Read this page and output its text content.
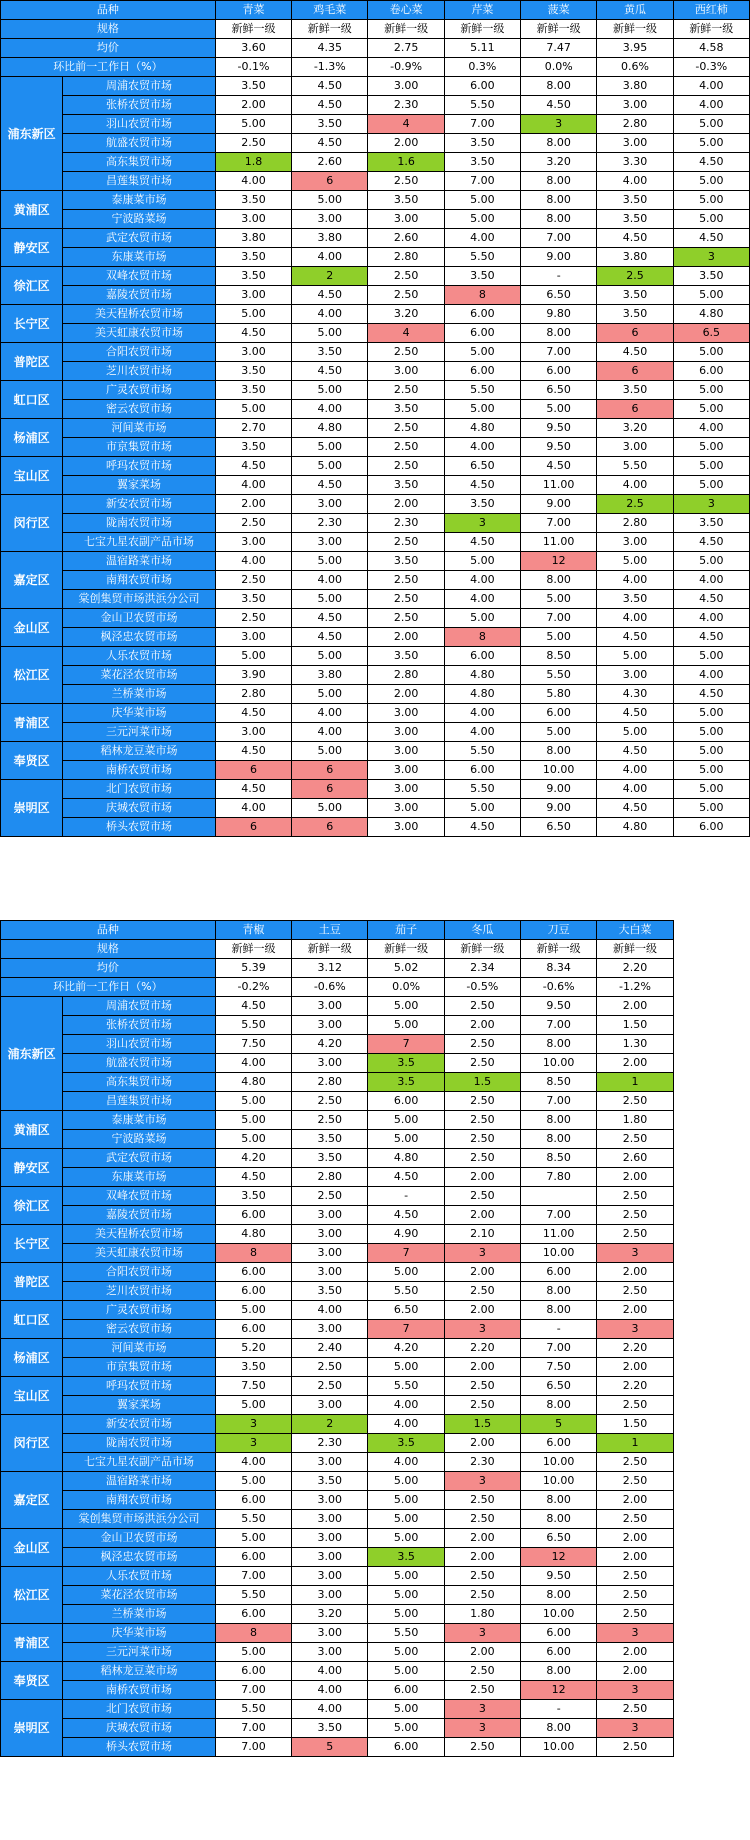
品种		青菜	鸡毛菜	卷心菜	芹菜	菠菜	黄瓜	西红柿
规格		新鲜一级	新鲜一级	新鲜一级	新鲜一级	新鲜一级	新鲜一级	新鲜一级
均价		3.60	4.35	2.75	5.11	7.47	3.95	4.58
环比前一工作日（%）		-0.1%	-1.3%	-0.9%	0.3%	0.0%	0.6%	-0.3%
浦东新区	周浦农贸市场	3.50	4.50	3.00	6.00	8.00	3.80	4.00
	张桥农贸市场	2.00	4.50	2.30	5.50	4.50	3.00	4.00
	羽山农贸市场	5.00	3.50	4	7.00	3	2.80	5.00
	航盛农贸市场	2.50	4.50	2.00	3.50	8.00	3.00	5.00
	高东集贸市场	1.8	2.60	1.6	3.50	3.20	3.30	4.50
	昌莲集贸市场	4.00	6	2.50	7.00	8.00	4.00	5.00
黄浦区	泰康菜市场	3.50	5.00	3.50	5.00	8.00	3.50	5.00
	宁波路菜场	3.00	3.00	3.00	5.00	8.00	3.50	5.00
静安区	武定农贸市场	3.80	3.80	2.60	4.00	7.00	4.50	4.50
	东康菜市场	3.50	4.00	2.80	5.50	9.00	3.80	3
徐汇区	双峰农贸市场	3.50	2	2.50	3.50	-	2.5	3.50
	嘉陵农贸市场	3.00	4.50	2.50	8	6.50	3.50	5.00
长宁区	美天程桥农贸市场	5.00	4.00	3.20	6.00	9.80	3.50	4.80
	美天虹康农贸市场	4.50	5.00	4	6.00	8.00	6	6.5
普陀区	合阳农贸市场	3.00	3.50	2.50	5.00	7.00	4.50	5.00
	芝川农贸市场	3.50	4.50	3.00	6.00	6.00	6	6.00
虹口区	广灵农贸市场	3.50	5.00	2.50	5.50	6.50	3.50	5.00
	密云农贸市场	5.00	4.00	3.50	5.00	5.00	6	5.00
杨浦区	河间菜市场	2.70	4.80	2.50	4.80	9.50	3.20	4.00
	市京集贸市场	3.50	5.00	2.50	4.00	9.50	3.00	5.00
宝山区	呼玛农贸市场	4.50	5.00	2.50	6.50	4.50	5.50	5.00
	翼家菜场	4.00	4.50	3.50	4.50	11.00	4.00	5.00
闵行区	新安农贸市场	2.00	3.00	2.00	3.50	9.00	2.5	3
	陇南农贸市场	2.50	2.30	2.30	3	7.00	2.80	3.50
	七宝九星农副产品市场	3.00	3.00	2.50	4.50	11.00	3.00	4.50
嘉定区	温宿路菜市场	4.00	5.00	3.50	5.00	12	5.00	5.00
	南翔农贸市场	2.50	4.00	2.50	4.00	8.00	4.00	4.00
	棠创集贸市场洪浜分公司	3.50	5.00	2.50	4.00	5.00	3.50	4.50
金山区	金山卫农贸市场	2.50	4.50	2.50	5.00	7.00	4.00	4.00
	枫泾忠农贸市场	3.00	4.50	2.00	8	5.00	4.50	4.50
松江区	人乐农贸市场	5.00	5.00	3.50	6.00	8.50	5.00	5.00
	菜花泾农贸市场	3.90	3.80	2.80	4.80	5.50	3.00	4.00
	兰桥菜市场	2.80	5.00	2.00	4.80	5.80	4.30	4.50
青浦区	庆华菜市场	4.50	4.00	3.00	4.00	6.00	4.50	5.00
	三元河菜市场	3.00	4.00	3.00	4.00	5.00	5.00	5.00
奉贤区	稻林龙豆菜市场	4.50	5.00	3.00	5.50	8.00	4.50	5.00
	南桥农贸市场	6	6	3.00	6.00	10.00	4.00	5.00
崇明区	北门农贸市场	4.50	6	3.00	5.50	9.00	4.00	5.00
	庆城农贸市场	4.00	5.00	3.00	5.00	9.00	4.50	5.00
	桥头农贸市场	6	6	3.00	4.50	6.50	4.80	6.00
品种		青椒	土豆	茄子	冬瓜	刀豆	大白菜	
规格		新鲜一级	新鲜一级	新鲜一级	新鲜一级	新鲜一级	新鲜一级	
均价		5.39	3.12	5.02	2.34	8.34	2.20	
环比前一工作日（%）		-0.2%	-0.6%	0.0%	-0.5%	-0.6%	-1.2%	
浦东新区	周浦农贸市场	4.50	3.00	5.00	2.50	9.50	2.00	
	张桥农贸市场	5.50	3.00	5.00	2.00	7.00	1.50	
	羽山农贸市场	7.50	4.20	7	2.50	8.00	1.30	
	航盛农贸市场	4.00	3.00	3.5	2.50	10.00	2.00	
	高东集贸市场	4.80	2.80	3.5	1.5	8.50	1	
	昌莲集贸市场	5.00	2.50	6.00	2.50	7.00	2.50	
黄浦区	泰康菜市场	5.00	2.50	5.00	2.50	8.00	1.80	
	宁波路菜场	5.00	3.50	5.00	2.50	8.00	2.50	
静安区	武定农贸市场	4.20	3.50	4.80	2.50	8.50	2.60	
	东康菜市场	4.50	2.80	4.50	2.00	7.80	2.00	
徐汇区	双峰农贸市场	3.50	2.50	-	2.50		2.50	
	嘉陵农贸市场	6.00	3.00	4.50	2.00	7.00	2.50	
长宁区	美天程桥农贸市场	4.80	3.00	4.90	2.10	11.00	2.50	
	美天虹康农贸市场	8	3.00	7	3	10.00	3	
普陀区	合阳农贸市场	6.00	3.00	5.00	2.00	6.00	2.00	
	芝川农贸市场	6.00	3.50	5.50	2.50	8.00	2.50	
虹口区	广灵农贸市场	5.00	4.00	6.50	2.00	8.00	2.00	
	密云农贸市场	6.00	3.00	7	3	-	3	
杨浦区	河间菜市场	5.20	2.40	4.20	2.20	7.00	2.20	
	市京集贸市场	3.50	2.50	5.00	2.00	7.50	2.00	
宝山区	呼玛农贸市场	7.50	2.50	5.50	2.50	6.50	2.20	
	翼家菜场	5.00	3.00	4.00	2.50	8.00	2.50	
闵行区	新安农贸市场	3	2	4.00	1.5	5	1.50	
	陇南农贸市场	3	2.30	3.5	2.00	6.00	1	
	七宝九星农副产品市场	4.00	3.00	4.00	2.30	10.00	2.50	
嘉定区	温宿路菜市场	5.00	3.50	5.00	3	10.00	2.50	
	南翔农贸市场	6.00	3.00	5.00	2.50	8.00	2.00	
	棠创集贸市场洪浜分公司	5.50	3.00	5.00	2.50	8.00	2.50	
金山区	金山卫农贸市场	5.00	3.00	5.00	2.00	6.50	2.00	
	枫泾忠农贸市场	6.00	3.00	3.5	2.00	12	2.00	
松江区	人乐农贸市场	7.00	3.00	5.00	2.50	9.50	2.50	
	菜花泾农贸市场	5.50	3.00	5.00	2.50	8.00	2.50	
	兰桥菜市场	6.00	3.20	5.00	1.80	10.00	2.50	
青浦区	庆华菜市场	8	3.00	5.50	3	6.00	3	
	三元河菜市场	5.00	3.00	5.00	2.00	6.00	2.00	
奉贤区	稻林龙豆菜市场	6.00	4.00	5.00	2.50	8.00	2.00	
	南桥农贸市场	7.00	4.00	6.00	2.50	12	3	
崇明区	北门农贸市场	5.50	4.00	5.00	3	-	2.50	
	庆城农贸市场	7.00	3.50	5.00	3	8.00	3	
	桥头农贸市场	7.00	5	6.00	2.50	10.00	2.50	
